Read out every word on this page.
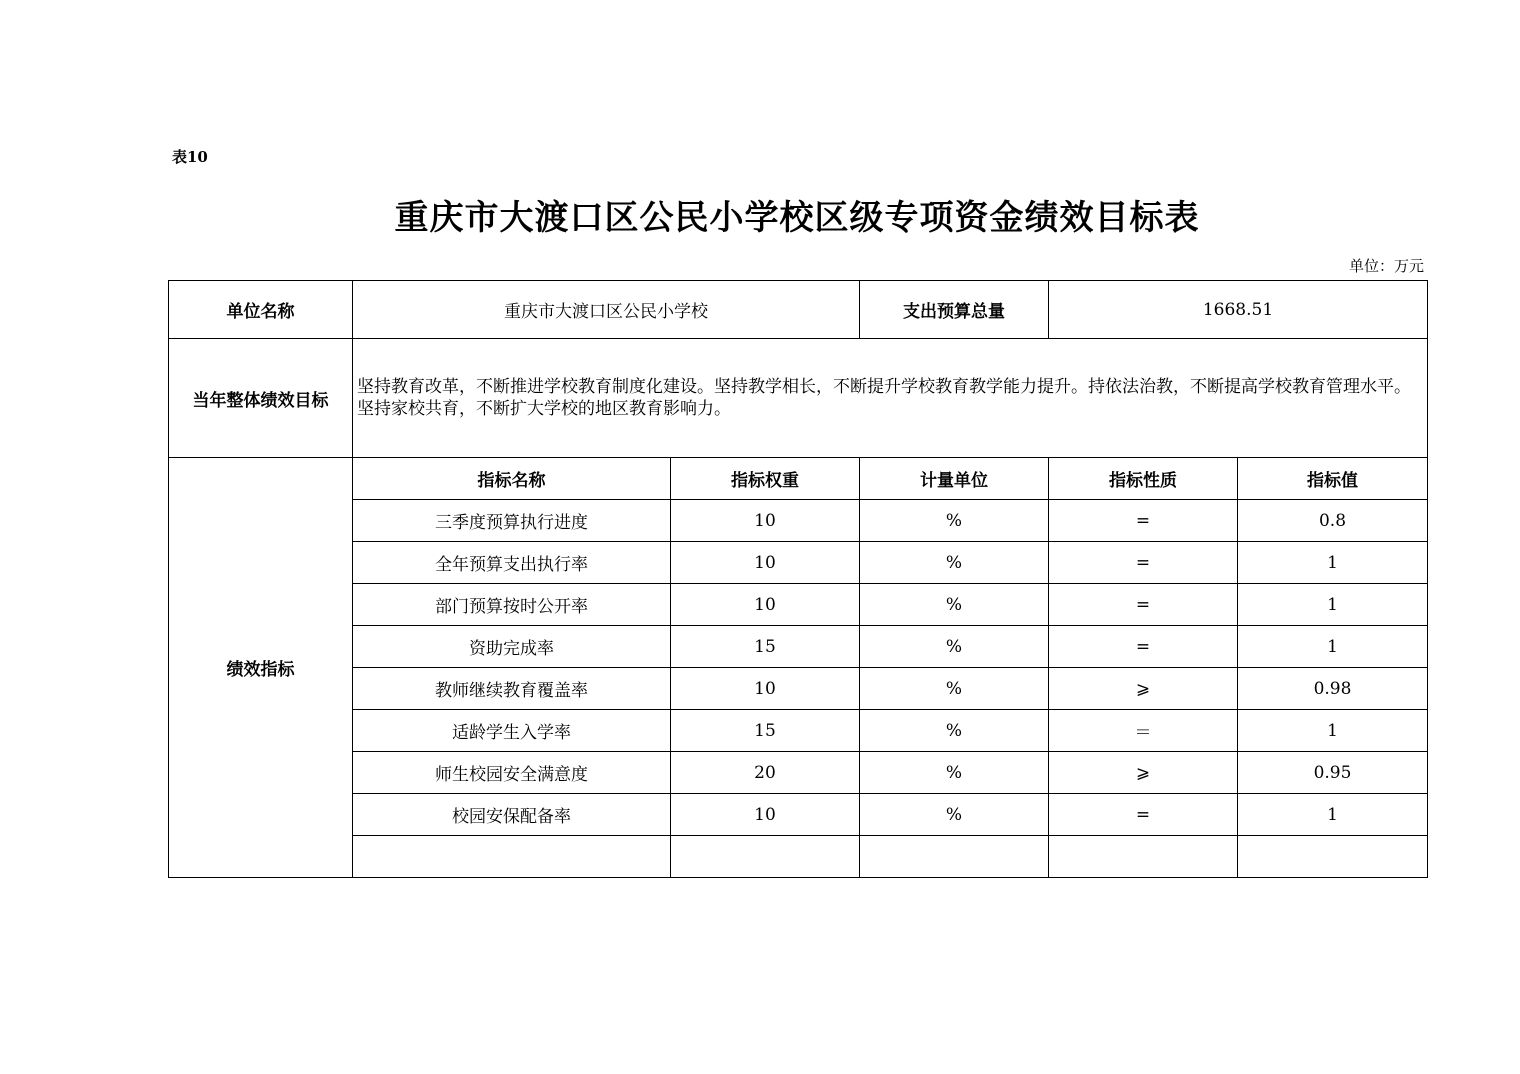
表10
重庆市大渡口区公民小学校区级专项资金绩效目标表
单位：万元
单位名称	重庆市大渡口区公民小学校		支出预算总量	1668.51	
当年整体绩效目标	坚持教育改革，不断推进学校教育制度化建设。坚持教学相长，不断提升学校教育教学能力提升。持依法治教，不断提高学校教育管理水平。

坚持家校共育，不断扩大学校的地区教育影响力。				

绩效指标	指标名称	指标权重	计量单位	指标性质	指标值
	三季度预算执行进度	10	%	=	0.8
	全年预算支出执行率	10	%	=	1
	部门预算按时公开率	10	%	=	1
	资助完成率	15	%	=	1
	教师继续教育覆盖率	10	%	⩾	0.98
	适龄学生入学率	15	%	＝	1
	师生校园安全满意度	20	%	⩾	0.95
	校园安保配备率	10	%	=	1
